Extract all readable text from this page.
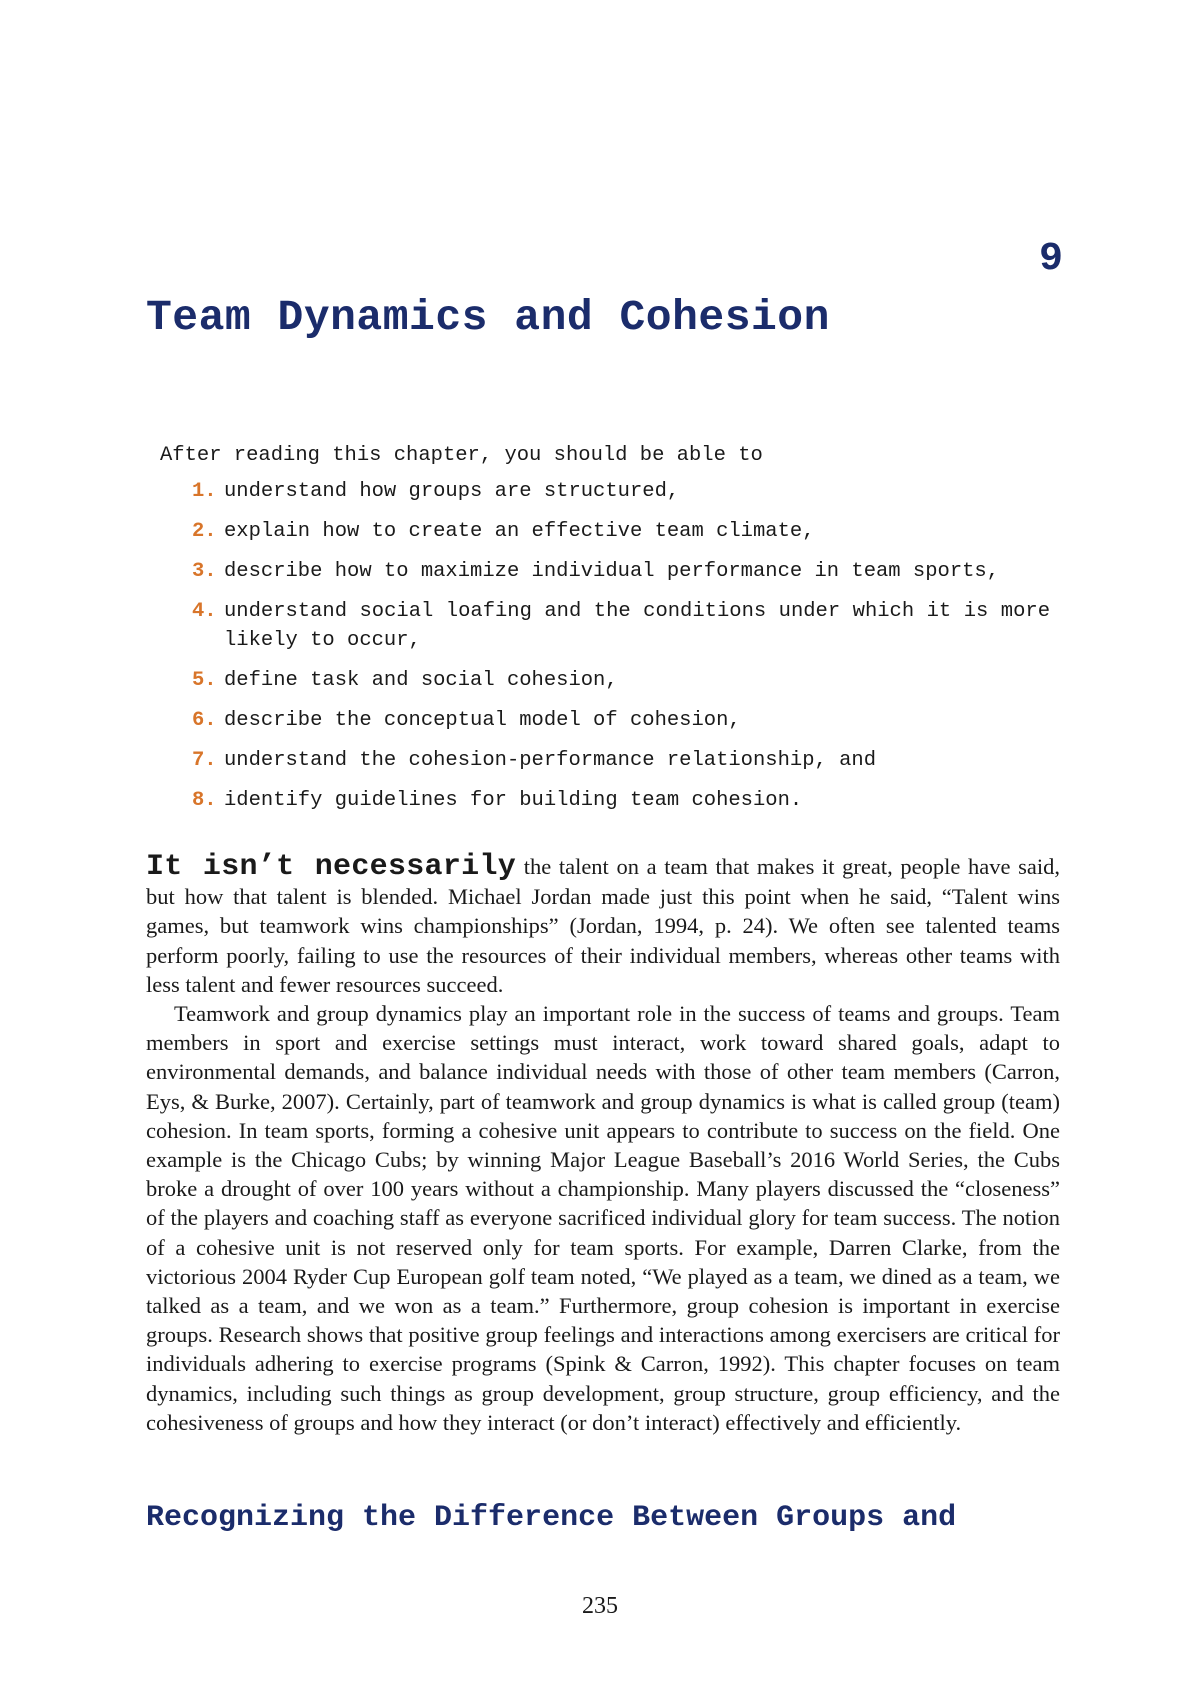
9
Team Dynamics and Cohesion

After reading this chapter, you should be able to

1. understand how groups are structured,
2. explain how to create an effective team climate,
3. describe how to maximize individual performance in team sports,
4. understand social loafing and the conditions under which it is more likely to occur,
5. define task and social cohesion,
6. describe the conceptual model of cohesion,
7. understand the cohesion-performance relationship, and
8. identify guidelines for building team cohesion.

It isn’t necessarily the talent on a team that makes it great, people have said, but how that talent is blended. Michael Jordan made just this point when he said, “Talent wins games, but teamwork wins championships” (Jordan, 1994, p. 24). We often see talented teams perform poorly, failing to use the resources of their individual members, whereas other teams with less talent and fewer resources succeed.

Teamwork and group dynamics play an important role in the success of teams and groups. Team members in sport and exercise settings must interact, work toward shared goals, adapt to environmental demands, and balance individual needs with those of other team members (Carron, Eys, & Burke, 2007). Certainly, part of teamwork and group dynamics is what is called group (team) cohesion. In team sports, forming a cohesive unit appears to contribute to success on the field. One example is the Chicago Cubs; by winning Major League Baseball’s 2016 World Series, the Cubs broke a drought of over 100 years without a championship. Many players discussed the “closeness” of the players and coaching staff as everyone sacrificed individual glory for team success. The notion of a cohesive unit is not reserved only for team sports. For example, Darren Clarke, from the victorious 2004 Ryder Cup European golf team noted, “We played as a team, we dined as a team, we talked as a team, and we won as a team.” Furthermore, group cohesion is important in exercise groups. Research shows that positive group feelings and interactions among exercisers are critical for individuals adhering to exercise programs (Spink & Carron, 1992). This chapter focuses on team dynamics, including such things as group development, group structure, group efficiency, and the cohesiveness of groups and how they interact (or don’t interact) effectively and efficiently.

Recognizing the Difference Between Groups and
235
